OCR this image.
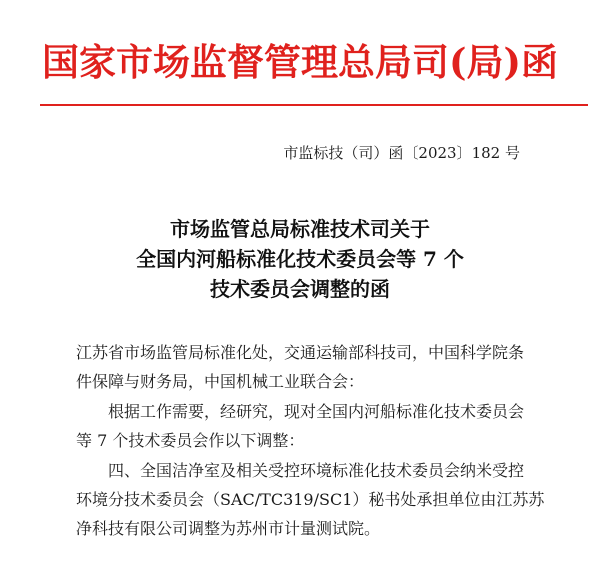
国家市场监督管理总局司(局)函
市监标技（司）函〔2023〕182 号
市场监管总局标准技术司关于
全国内河船标准化技术委员会等 7 个
技术委员会调整的函
江苏省市场监管局标准化处，交通运输部科技司，中国科学院条
件保障与财务局，中国机械工业联合会：
根据工作需要，经研究，现对全国内河船标准化技术委员会
等 7 个技术委员会作以下调整：
四、全国洁净室及相关受控环境标准化技术委员会纳米受控
环境分技术委员会（SAC/TC319/SC1）秘书处承担单位由江苏苏
净科技有限公司调整为苏州市计量测试院。
